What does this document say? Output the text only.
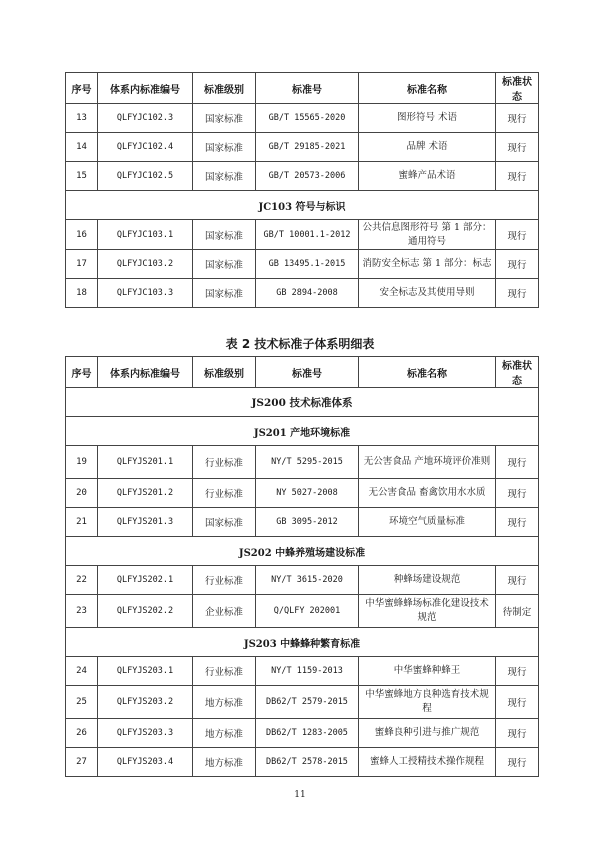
序号	体系内标准编号	标准级别	标准号	标准名称	标准状态
13	QLFYJC102.3	国家标准	GB/T 15565-2020	图形符号 术语	现行
14	QLFYJC102.4	国家标准	GB/T 29185-2021	品牌 术语	现行
15	QLFYJC102.5	国家标准	GB/T 20573-2006	蜜蜂产品术语	现行
JC103 符号与标识					
16	QLFYJC103.1	国家标准	GB/T 10001.1-2012	公共信息图形符号 第 1 部分：通用符号	现行
17	QLFYJC103.2	国家标准	GB 13495.1-2015	消防安全标志 第 1 部分：标志	现行
18	QLFYJC103.3	国家标准	GB 2894-2008	安全标志及其使用导则	现行
表 2 技术标准子体系明细表
序号	体系内标准编号	标准级别	标准号	标准名称	标准状态
JS200 技术标准体系					
JS201 产地环境标准					
19	QLFYJS201.1	行业标准	NY/T 5295-2015	无公害食品 产地环境评价准则	现行
20	QLFYJS201.2	行业标准	NY 5027-2008	无公害食品 畜禽饮用水水质	现行
21	QLFYJS201.3	国家标准	GB 3095-2012	环境空气质量标准	现行
JS202 中蜂养殖场建设标准					
22	QLFYJS202.1	行业标准	NY/T 3615-2020	种蜂场建设规范	现行
23	QLFYJS202.2	企业标准	Q/QLFY 202001	中华蜜蜂蜂场标准化建设技术规范	待制定
JS203 中蜂蜂种繁育标准					
24	QLFYJS203.1	行业标准	NY/T 1159-2013	中华蜜蜂种蜂王	现行
25	QLFYJS203.2	地方标准	DB62/T 2579-2015	中华蜜蜂地方良种选育技术规程	现行
26	QLFYJS203.3	地方标准	DB62/T 1283-2005	蜜蜂良种引进与推广规范	现行
27	QLFYJS203.4	地方标准	DB62/T 2578-2015	蜜蜂人工授精技术操作规程	现行
11
